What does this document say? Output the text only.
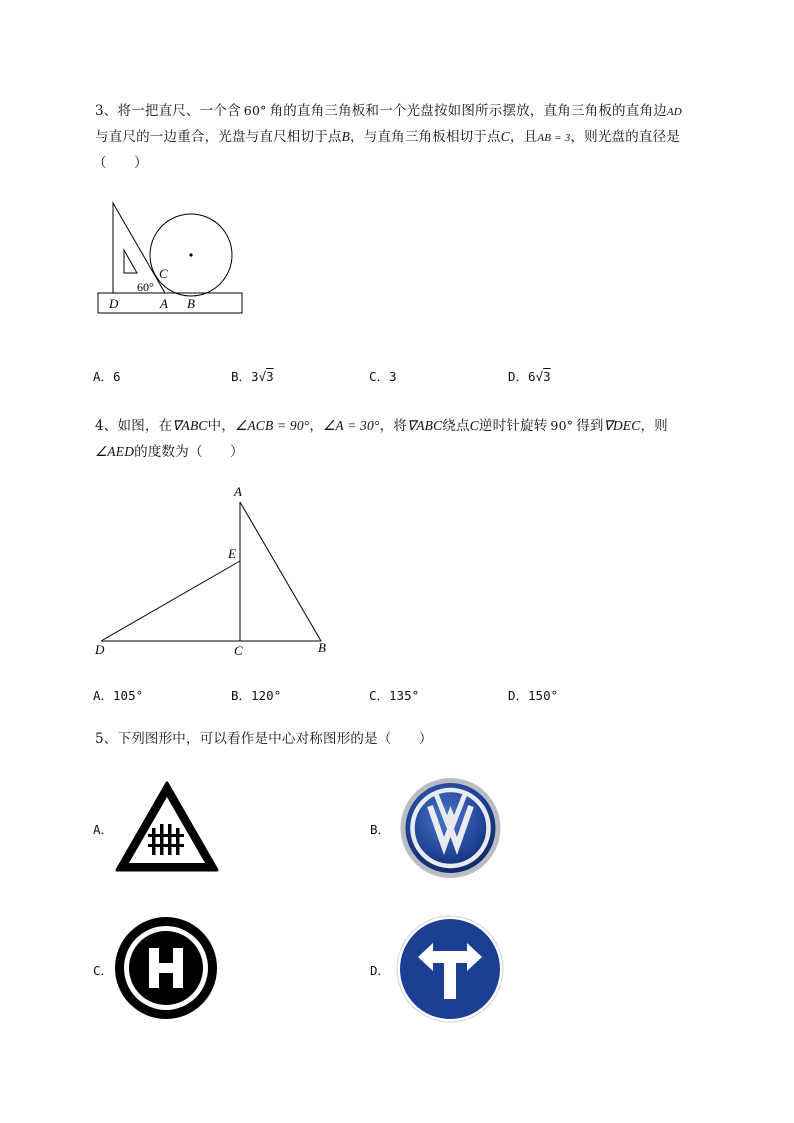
3、将一把直尺、一个含 60° 角的直角三角板和一个光盘按如图所示摆放，直角三角板的直角边AD
与直尺的一边重合，光盘与直尺相切于点B，与直角三角板相切于点C，且AB = 3，则光盘的直径是
（　　）
C
60°
D	A B
A．6	B．3√3	C．3	D．6√3
4、如图，在∇ABC中，∠ACB = 90°，∠A = 30°，将∇ABC绕点C逆时针旋转 90° 得到∇DEC，则
∠AED的度数为（　　）
A
E
D	C	B
A．105°	B．120°	C．135°	D．150°
5、下列图形中，可以看作是中心对称图形的是（　　）
A．	B．
C．	D．
